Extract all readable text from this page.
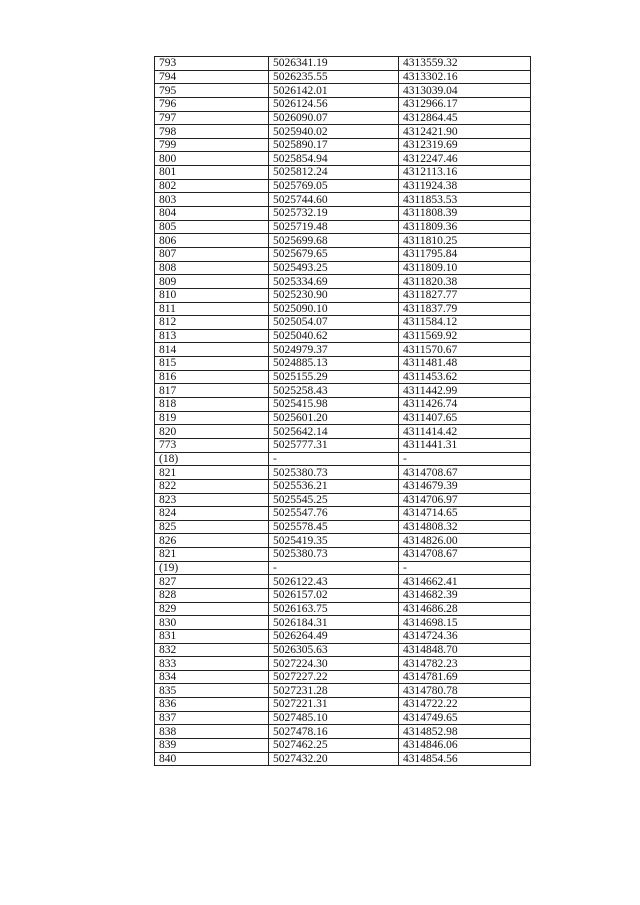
793	5026341.19	4313559.32
794	5026235.55	4313302.16
795	5026142.01	4313039.04
796	5026124.56	4312966.17
797	5026090.07	4312864.45
798	5025940.02	4312421.90
799	5025890.17	4312319.69
800	5025854.94	4312247.46
801	5025812.24	4312113.16
802	5025769.05	4311924.38
803	5025744.60	4311853.53
804	5025732.19	4311808.39
805	5025719.48	4311809.36
806	5025699.68	4311810.25
807	5025679.65	4311795.84
808	5025493.25	4311809.10
809	5025334.69	4311820.38
810	5025230.90	4311827.77
811	5025090.10	4311837.79
812	5025054.07	4311584.12
813	5025040.62	4311569.92
814	5024979.37	4311570.67
815	5024885.13	4311481.48
816	5025155.29	4311453.62
817	5025258.43	4311442.99
818	5025415.98	4311426.74
819	5025601.20	4311407.65
820	5025642.14	4311414.42
773	5025777.31	4311441.31
(18)	-	-
821	5025380.73	4314708.67
822	5025536.21	4314679.39
823	5025545.25	4314706.97
824	5025547.76	4314714.65
825	5025578.45	4314808.32
826	5025419.35	4314826.00
821	5025380.73	4314708.67
(19)	-	-
827	5026122.43	4314662.41
828	5026157.02	4314682.39
829	5026163.75	4314686.28
830	5026184.31	4314698.15
831	5026264.49	4314724.36
832	5026305.63	4314848.70
833	5027224.30	4314782.23
834	5027227.22	4314781.69
835	5027231.28	4314780.78
836	5027221.31	4314722.22
837	5027485.10	4314749.65
838	5027478.16	4314852.98
839	5027462.25	4314846.06
840	5027432.20	4314854.56
